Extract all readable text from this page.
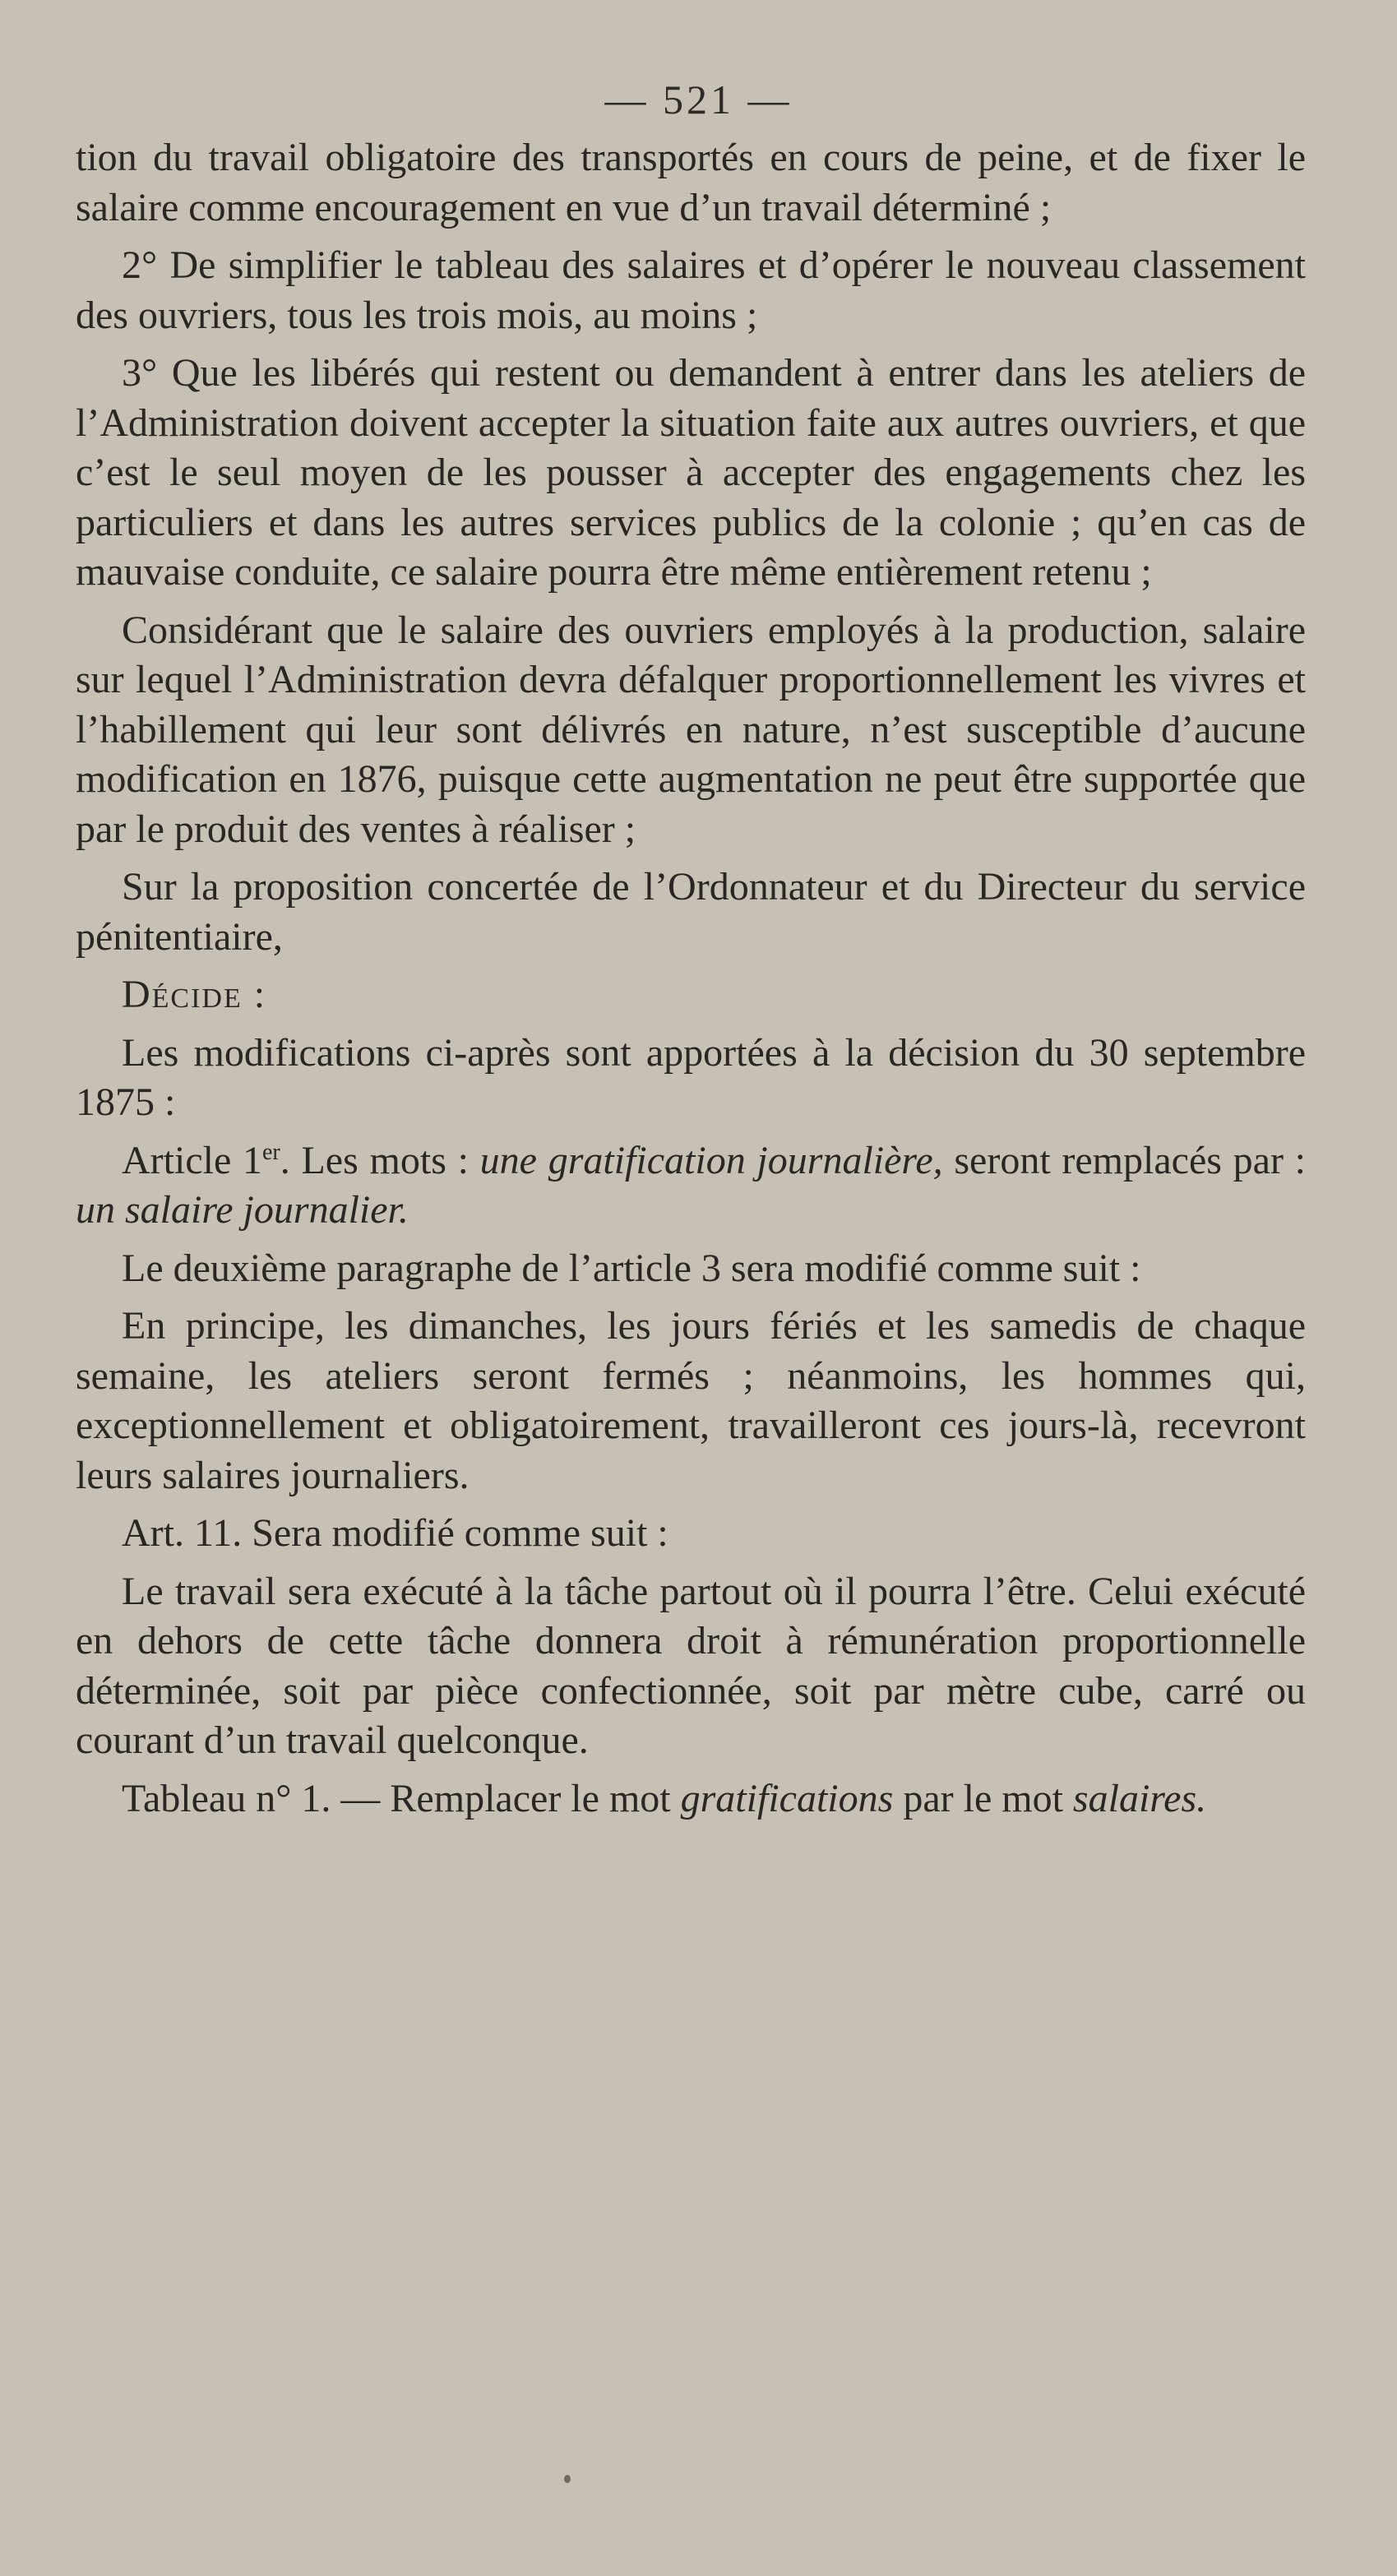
— 521 —

tion du travail obligatoire des transportés en cours de peine, et de fixer le salaire comme encouragement en vue d’un travail déterminé ;

2° De simplifier le tableau des salaires et d’opérer le nouveau classement des ouvriers, tous les trois mois, au moins ;

3° Que les libérés qui restent ou demandent à entrer dans les ateliers de l’Administration doivent accepter la situation faite aux autres ouvriers, et que c’est le seul moyen de les pousser à accepter des engagements chez les particuliers et dans les autres services publics de la colonie ; qu’en cas de mauvaise conduite, ce salaire pourra être même entièrement retenu ;

Considérant que le salaire des ouvriers employés à la production, salaire sur lequel l’Administration devra défalquer proportionnellement les vivres et l’habillement qui leur sont délivrés en nature, n’est susceptible d’aucune modification en 1876, puisque cette augmentation ne peut être supportée que par le produit des ventes à réaliser ;

Sur la proposition concertée de l’Ordonnateur et du Directeur du service pénitentiaire,

Décide :

Les modifications ci-après sont apportées à la décision du 30 septembre 1875 :

Article 1er. Les mots : une gratification journalière, seront remplacés par : un salaire journalier.

Le deuxième paragraphe de l’article 3 sera modifié comme suit :

En principe, les dimanches, les jours fériés et les samedis de chaque semaine, les ateliers seront fermés ; néanmoins, les hommes qui, exceptionnellement et obligatoirement, travailleront ces jours-là, recevront leurs salaires journaliers.

Art. 11. Sera modifié comme suit :

Le travail sera exécuté à la tâche partout où il pourra l’être. Celui exécuté en dehors de cette tâche donnera droit à rémunération proportionnelle déterminée, soit par pièce confectionnée, soit par mètre cube, carré ou courant d’un travail quelconque.

Tableau n° 1. — Remplacer le mot gratifications par le mot salaires.
